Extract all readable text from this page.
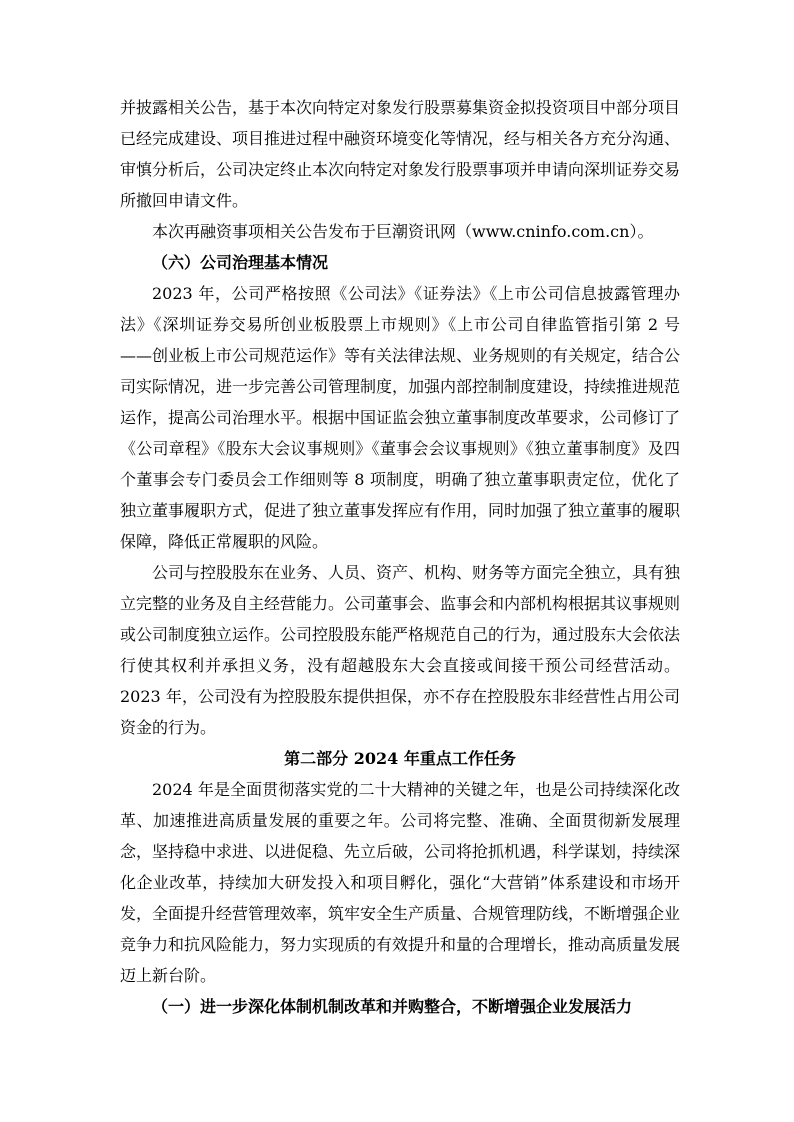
并披露相关公告，基于本次向特定对象发行股票募集资金拟投资项目中部分项目已经完成建设、项目推进过程中融资环境变化等情况，经与相关各方充分沟通、审慎分析后，公司决定终止本次向特定对象发行股票事项并申请向深圳证券交易所撤回申请文件。

本次再融资事项相关公告发布于巨潮资讯网（www.cninfo.com.cn）。

（六）公司治理基本情况

2023 年，公司严格按照《公司法》《证券法》《上市公司信息披露管理办法》《深圳证券交易所创业板股票上市规则》《上市公司自律监管指引第 2 号——创业板上市公司规范运作》等有关法律法规、业务规则的有关规定，结合公司实际情况，进一步完善公司管理制度，加强内部控制制度建设，持续推进规范运作，提高公司治理水平。根据中国证监会独立董事制度改革要求，公司修订了《公司章程》《股东大会议事规则》《董事会会议事规则》《独立董事制度》及四个董事会专门委员会工作细则等 8 项制度，明确了独立董事职责定位，优化了独立董事履职方式，促进了独立董事发挥应有作用，同时加强了独立董事的履职保障，降低正常履职的风险。

公司与控股股东在业务、人员、资产、机构、财务等方面完全独立，具有独立完整的业务及自主经营能力。公司董事会、监事会和内部机构根据其议事规则或公司制度独立运作。公司控股股东能严格规范自己的行为，通过股东大会依法行使其权利并承担义务，没有超越股东大会直接或间接干预公司经营活动。2023 年，公司没有为控股股东提供担保，亦不存在控股股东非经营性占用公司资金的行为。

第二部分 2024 年重点工作任务

2024 年是全面贯彻落实党的二十大精神的关键之年，也是公司持续深化改革、加速推进高质量发展的重要之年。公司将完整、准确、全面贯彻新发展理念，坚持稳中求进、以进促稳、先立后破，公司将抢抓机遇，科学谋划，持续深化企业改革，持续加大研发投入和项目孵化，强化“大营销”体系建设和市场开发，全面提升经营管理效率，筑牢安全生产质量、合规管理防线，不断增强企业竞争力和抗风险能力，努力实现质的有效提升和量的合理增长，推动高质量发展迈上新台阶。

（一）进一步深化体制机制改革和并购整合，不断增强企业发展活力
